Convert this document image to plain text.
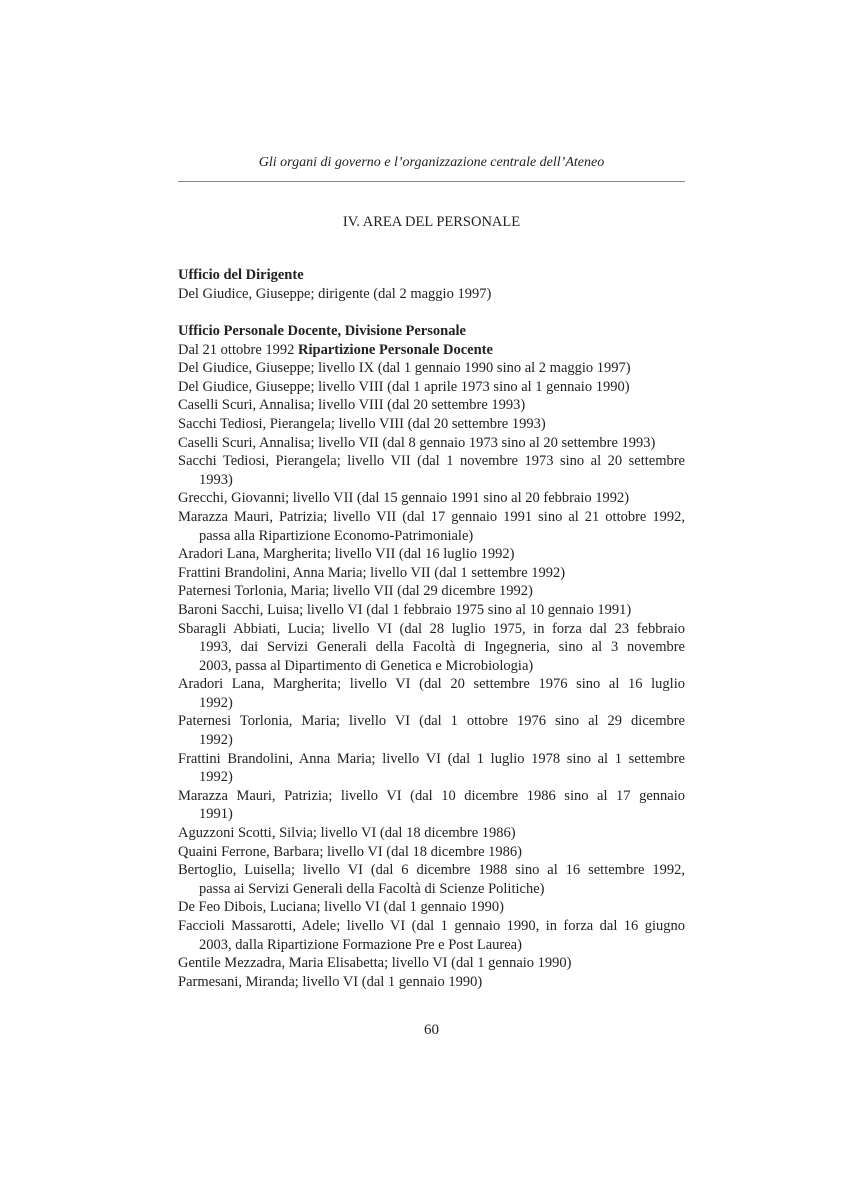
Gli organi di governo e l’organizzazione centrale dell’Ateneo
IV. AREA DEL PERSONALE
Ufficio del Dirigente
Del Giudice, Giuseppe; dirigente (dal 2 maggio 1997)
Ufficio Personale Docente, Divisione Personale
Dal 21 ottobre 1992 Ripartizione Personale Docente
Del Giudice, Giuseppe; livello IX (dal 1 gennaio 1990 sino al 2 maggio 1997)
Del Giudice, Giuseppe; livello VIII (dal 1 aprile 1973 sino al 1 gennaio 1990)
Caselli Scuri, Annalisa; livello VIII (dal 20 settembre 1993)
Sacchi Tediosi, Pierangela; livello VIII (dal 20 settembre 1993)
Caselli Scuri, Annalisa; livello VII (dal 8 gennaio 1973 sino al 20 settembre 1993)
Sacchi Tediosi, Pierangela; livello VII (dal 1 novembre 1973 sino al 20 settembre
1993)
Grecchi, Giovanni; livello VII (dal 15 gennaio 1991 sino al 20 febbraio 1992)
Marazza Mauri, Patrizia; livello VII (dal 17 gennaio 1991 sino al 21 ottobre 1992,
passa alla Ripartizione Economo-Patrimoniale)
Aradori Lana, Margherita; livello VII (dal 16 luglio 1992)
Frattini Brandolini, Anna Maria; livello VII (dal 1 settembre 1992)
Paternesi Torlonia, Maria; livello VII (dal 29 dicembre 1992)
Baroni Sacchi, Luisa; livello VI (dal 1 febbraio 1975 sino al 10 gennaio 1991)
Sbaragli Abbiati, Lucia; livello VI (dal 28 luglio 1975, in forza dal 23 febbraio
1993, dai Servizi Generali della Facoltà di Ingegneria, sino al 3 novembre
2003, passa al Dipartimento di Genetica e Microbiologia)
Aradori Lana, Margherita; livello VI (dal 20 settembre 1976 sino al 16 luglio
1992)
Paternesi Torlonia, Maria; livello VI (dal 1 ottobre 1976 sino al 29 dicembre
1992)
Frattini Brandolini, Anna Maria; livello VI (dal 1 luglio 1978 sino al 1 settembre
1992)
Marazza Mauri, Patrizia; livello VI (dal 10 dicembre 1986 sino al 17 gennaio
1991)
Aguzzoni Scotti, Silvia; livello VI (dal 18 dicembre 1986)
Quaini Ferrone, Barbara; livello VI (dal 18 dicembre 1986)
Bertoglio, Luisella; livello VI (dal 6 dicembre 1988 sino al 16 settembre 1992,
passa ai Servizi Generali della Facoltà di Scienze Politiche)
De Feo Dibois, Luciana; livello VI (dal 1 gennaio 1990)
Faccioli Massarotti, Adele; livello VI (dal 1 gennaio 1990, in forza dal 16 giugno
2003, dalla Ripartizione Formazione Pre e Post Laurea)
Gentile Mezzadra, Maria Elisabetta; livello VI (dal 1 gennaio 1990)
Parmesani, Miranda; livello VI (dal 1 gennaio 1990)
60
